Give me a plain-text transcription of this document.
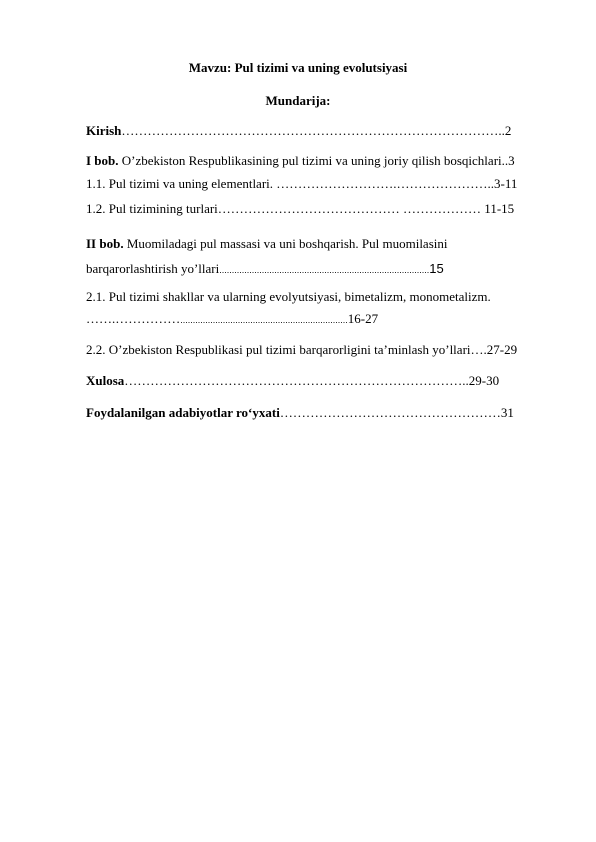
Mavzu: Pul tizimi va uning evolutsiyasi
Mundarija:
Kirish……………………………………………………………………………..2
I bob. O’zbekiston Respublikasining pul tizimi va uning joriy qilish bosqichlari..3
1.1. Pul tizimi va uning elementlari. ……………………….…………………..3-11
1.2. Pul tizimining turlari…………………………………… ……………… 11-15
II bob. Muomiladagi pul massasi va uni boshqarish. Pul muomilasini
barqarorlashtirish yo’llari....................................................................................15
2.1. Pul tizimi shakllar va ularning evolyutsiyasi, bimetalizm, monometalizm.
…….……………...................................................................16-27
2.2. O’zbekiston Respublikasi pul tizimi barqarorligini ta’minlash yo’llari….27-29
Xulosa……………………………………………………………………..29-30
Foydalanilgan adabiyotlar ro‘yxati……………………………………………31
